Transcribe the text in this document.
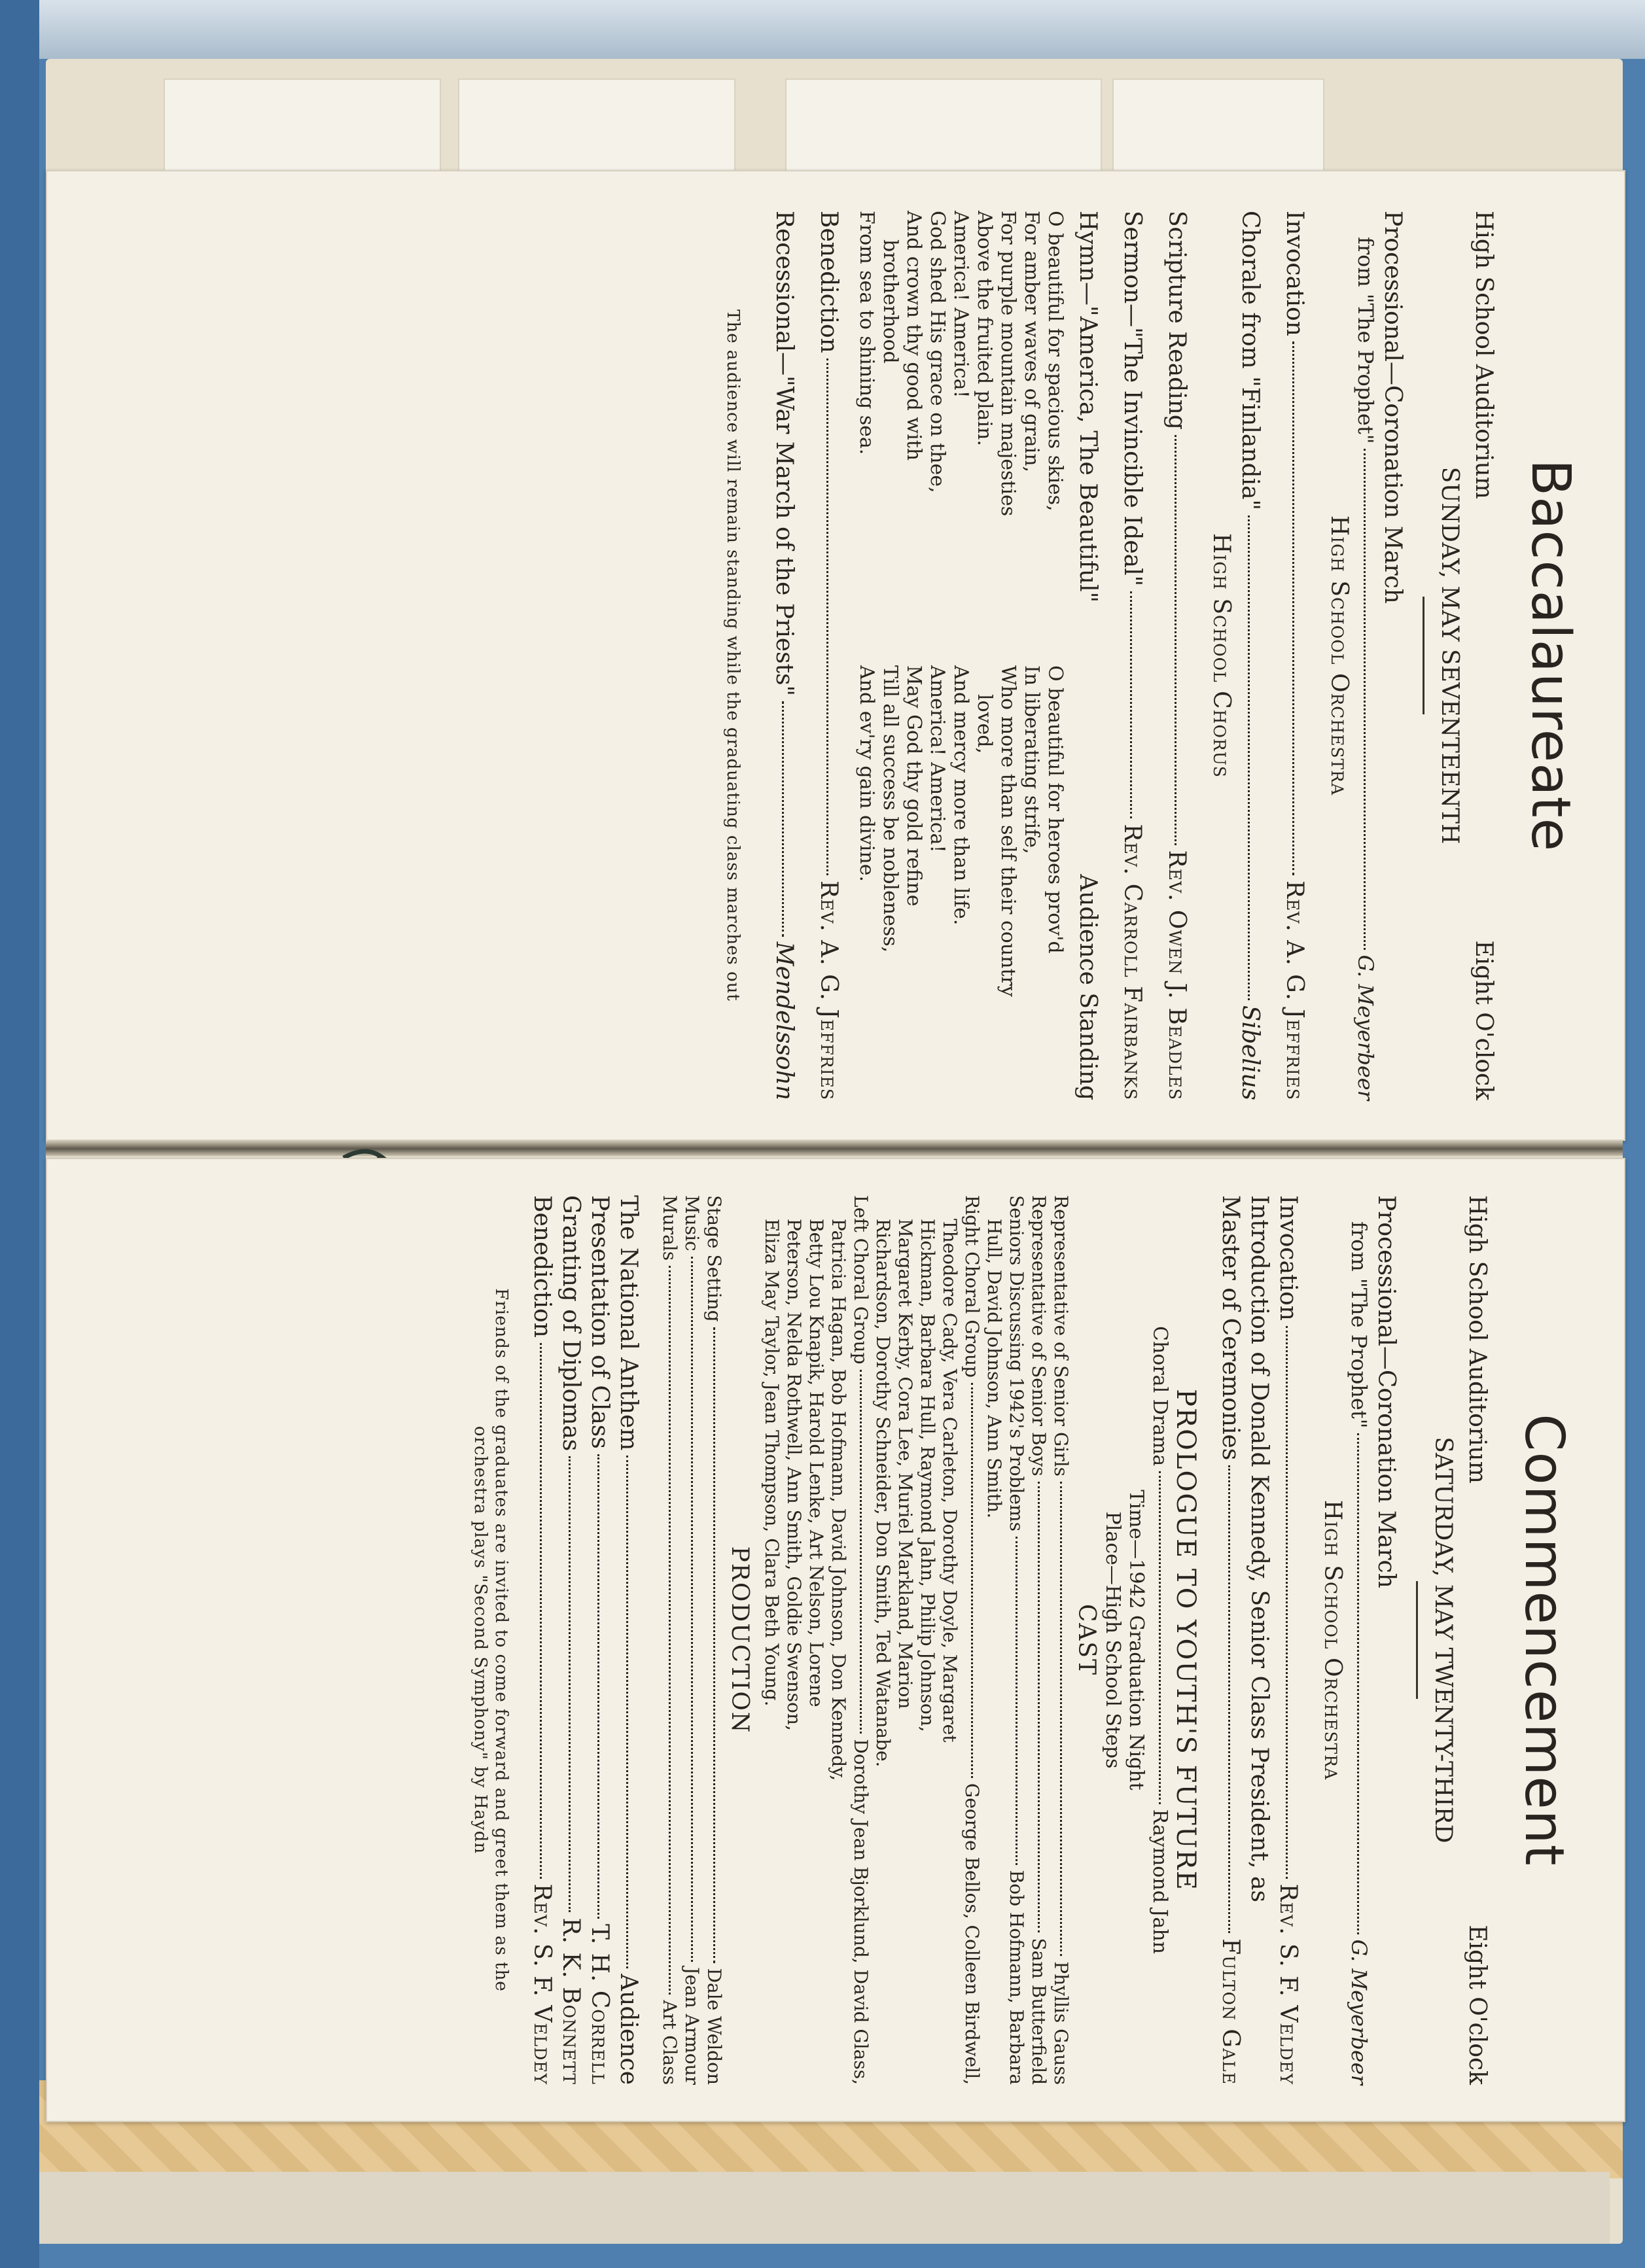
Baccalaureate
High School Auditorium
Eight O'clock
SUNDAY, MAY SEVENTEENTH
Processional—Coronation March
from "The Prophet"
G. Meyerbeer
High School Orchestra
Invocation
Rev. A. G. Jeffries
Chorale from "Finlandia"
Sibelius
High School Chorus
Scripture Reading
Rev. Owen J. Beadles
Sermon—"The Invincible Ideal"
Rev. Carroll Fairbanks
Hymn—"America, The Beautiful"
Audience Standing

O beautiful for spacious skies,

For amber waves of grain,

For purple mountain majesties

Above the fruited plain.

America! America!

God shed His grace on thee,

And crown thy good with

brotherhood

From sea to shining sea.

O beautiful for heroes prov'd

In liberating strife,

Who more than self their country

loved,

And mercy more than life.

America! America!

May God thy gold refine

Till all success be nobleness,

And ev'ry gain divine.

Benediction
Rev. A. G. Jeffries
Recessional—"War March of the Priests"
Mendelssohn
The audience will remain standing while the graduating class marches out
Commencement
High School Auditorium
Eight O'clock
SATURDAY, MAY TWENTY-THIRD
Processional—Coronation March
from "The Prophet"
G. Meyerbeer
High School Orchestra
Invocation
Rev. S. F. Veldey
Introduction of Donald Kennedy, Senior Class President, as
Master of Ceremonies
Fulton Gale
PROLOGUE TO YOUTH'S FUTURE
Choral Drama
Raymond Jahn
Time—1942 Graduation Night
Place—High School Steps
CAST
Representative of Senior Girls
Phyllis Gauss
Representative of Senior Boys
Sam Butterfield
Seniors Discussing 1942's Problems
Bob Hofmann, Barbara
Hull, David Johnson, Ann Smith.
Right Choral Group
George Bellos, Colleen Birdwell,
Theodore Cady, Vera Carleton, Dorothy Doyle, Margaret
Hickman, Barbara Hull, Raymond Jahn, Philip Johnson,
Margaret Kerby, Cora Lee, Muriel Markland, Marion
Richardson, Dorothy Schneider, Don Smith, Ted Watanabe.
Left Choral Group
Dorothy Jean Bjorklund, David Glass,
Patricia Hagan, Bob Hofmann, David Johnson, Don Kennedy,
Betty Lou Knapik, Harold Lenke, Art Nelson, Lorene
Peterson, Nelda Rothwell, Ann Smith, Goldie Swenson,
Eliza May Taylor, Jean Thompson, Clara Beth Young.
PRODUCTION
Stage Setting
Dale Weldon
Music
Jean Armour
Murals
Art Class
The National Anthem
Audience
Presentation of Class
T. H. Correll
Granting of Diplomas
R. K. Bonnett
Benediction
Rev. S. F. Veldey
Friends of the graduates are invited to come forward and greet them as the
orchestra plays "Second Symphony" by Haydn
